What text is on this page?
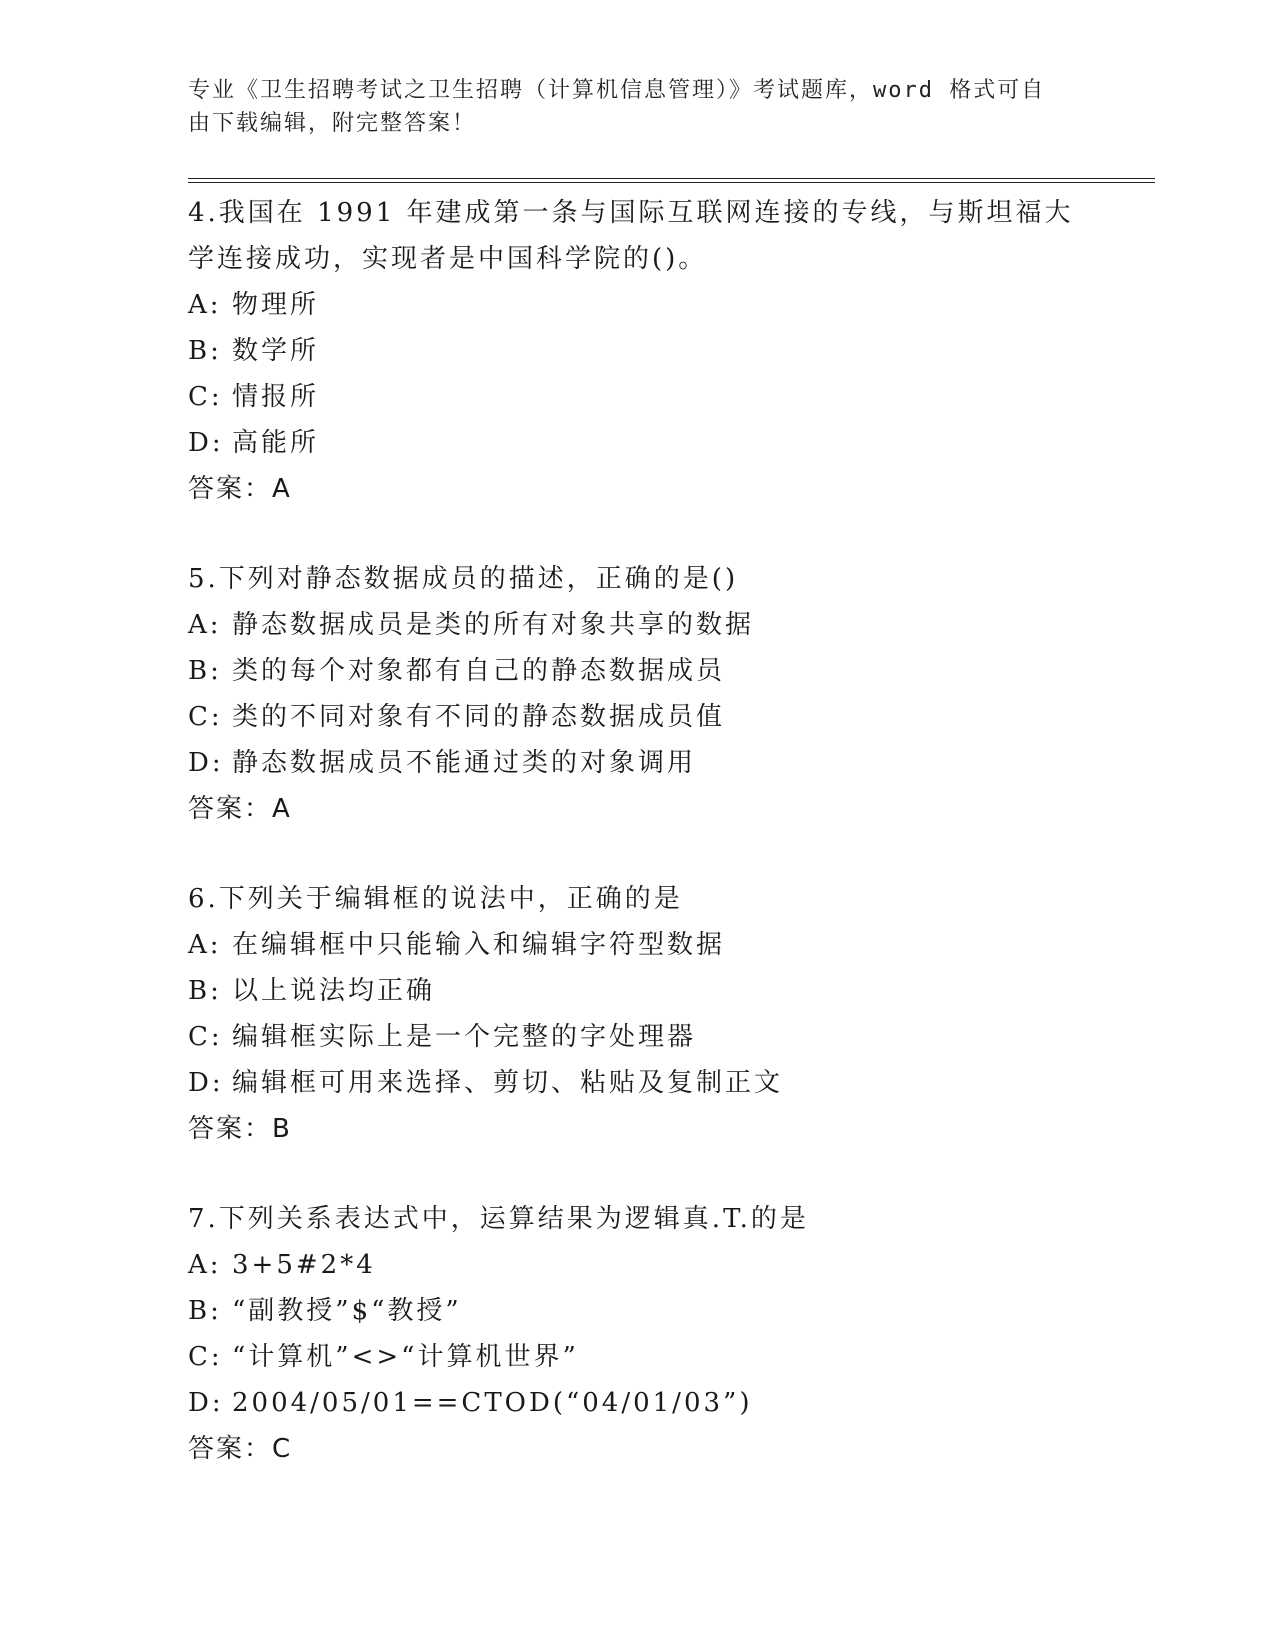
专业《卫生招聘考试之卫生招聘（计算机信息管理）》考试题库，word 格式可自
由下载编辑，附完整答案！

4.我国在 1991 年建成第一条与国际互联网连接的专线，与斯坦福大学连接成功，实现者是中国科学院的()。

A: 物理所
B: 数学所
C: 情报所
D: 高能所

答案：A

5.下列对静态数据成员的描述，正确的是()

A: 静态数据成员是类的所有对象共享的数据
B: 类的每个对象都有自己的静态数据成员
C: 类的不同对象有不同的静态数据成员值
D: 静态数据成员不能通过类的对象调用

答案：A

6.下列关于编辑框的说法中，正确的是

A: 在编辑框中只能输入和编辑字符型数据
B: 以上说法均正确
C: 编辑框实际上是一个完整的字处理器
D: 编辑框可用来选择、剪切、粘贴及复制正文

答案：B

7.下列关系表达式中，运算结果为逻辑真.T.的是

A: 3+5#2*4
B: “副教授”$“教授”
C: “计算机”<>“计算机世界”
D: 2004/05/01==CTOD(“04/01/03”)

答案：C
